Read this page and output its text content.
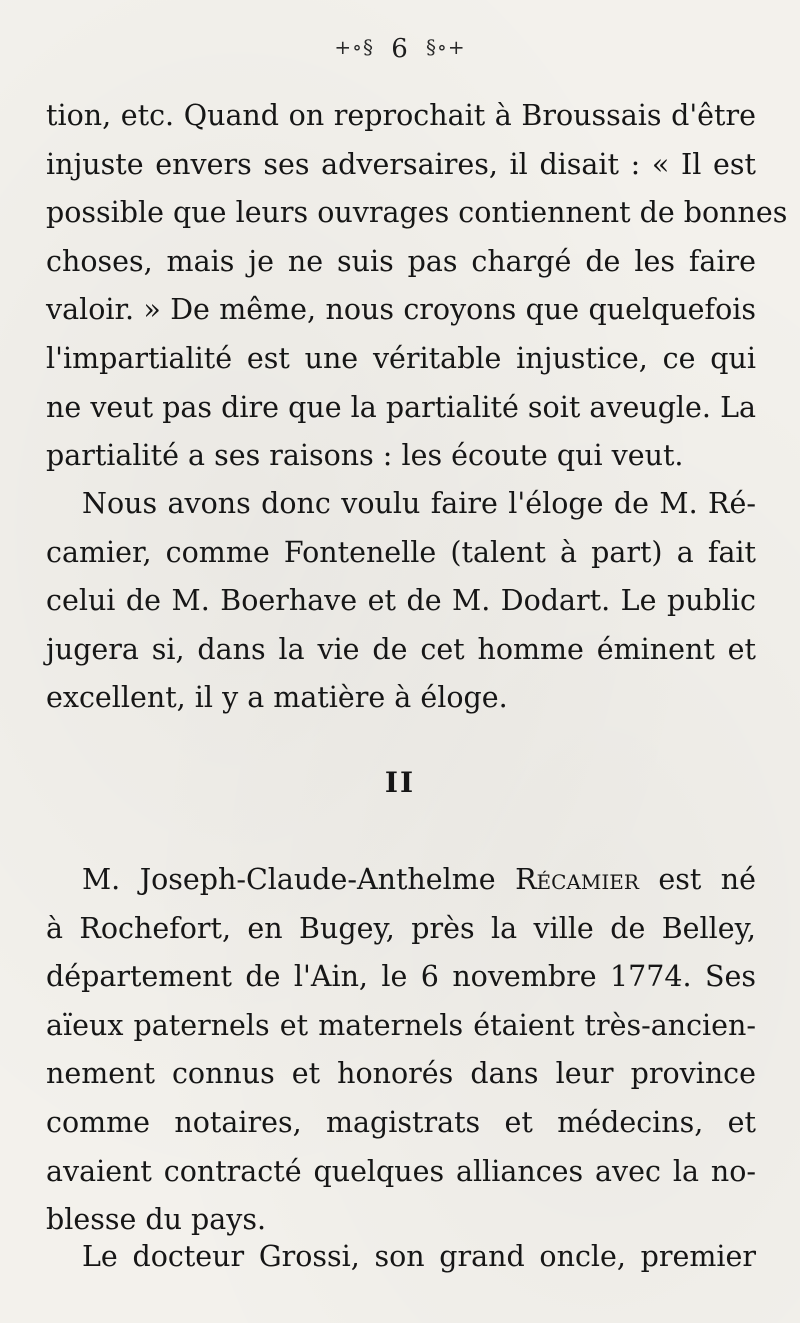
+∘§ 6 §∘+

tion, etc. Quand on reprochait à Broussais d'être
injuste envers ses adversaires, il disait : « Il est
possible que leurs ouvrages contiennent de bonnes
choses, mais je ne suis pas chargé de les faire
valoir. » De même, nous croyons que quelquefois
l'impartialité est une véritable injustice, ce qui
ne veut pas dire que la partialité soit aveugle. La
partialité a ses raisons : les écoute qui veut.

Nous avons donc voulu faire l'éloge de M. Ré-
camier, comme Fontenelle (talent à part) a fait
celui de M. Boerhave et de M. Dodart. Le public
jugera si, dans la vie de cet homme éminent et
excellent, il y a matière à éloge.

II

M. Joseph-Claude-Anthelme Récamier est né
à Rochefort, en Bugey, près la ville de Belley,
département de l'Ain, le 6 novembre 1774. Ses
aïeux paternels et maternels étaient très-ancien-
nement connus et honorés dans leur province
comme notaires, magistrats et médecins, et
avaient contracté quelques alliances avec la no-
blesse du pays.

Le docteur Grossi, son grand oncle, premier
